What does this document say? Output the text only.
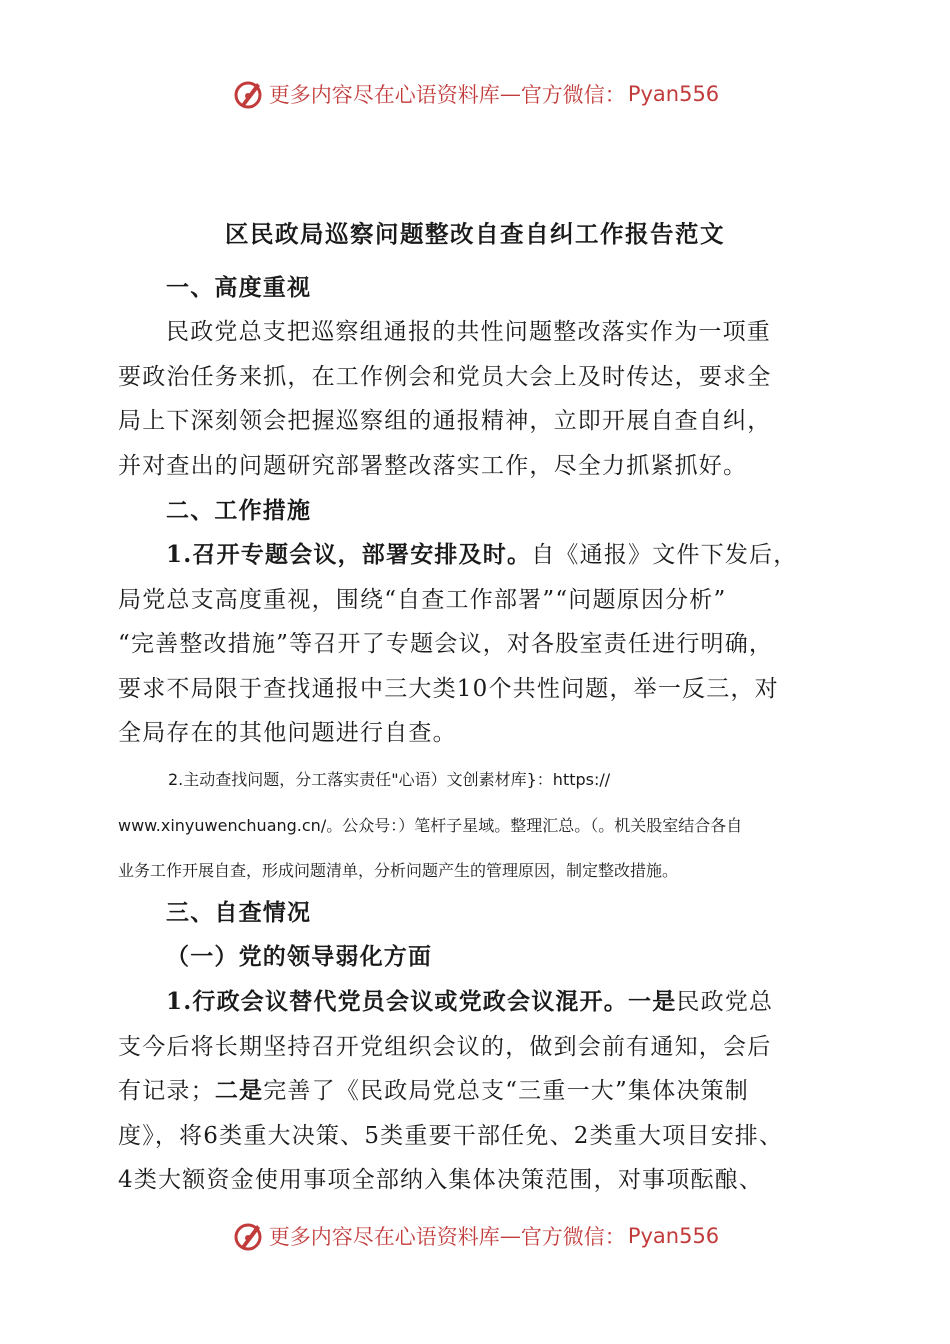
更多内容尽在心语资料库 — 官方微信： Pyan556
区民政局巡察问题整改自查自纠工作报告范文
一、高度重视
民政党总支把巡察组通报的共性问题整改落实作为一项重
要政治任务来抓，在工作例会和党员大会上及时传达，要求全
局上下深刻领会把握巡察组的通报精神，立即开展自查自纠，
并对查出的问题研究部署整改落实工作，尽全力抓紧抓好。
二、工作措施
1.召开专题会议，部署安排及时。自《通报》文件下发后，
局党总支高度重视，围绕“自查工作部署”“问题原因分析”
“完善整改措施”等召开了专题会议，对各股室责任进行明确，
要求不局限于查找通报中三大类10个共性问题，举一反三，对
全局存在的其他问题进行自查。
2.主动查找问题，分工落实责任"心语）文创素材库}：https://
www.xinyuwenchuang.cn/。公众号：）笔杆子星域。整理汇总。（。机关股室结合各自
业务工作开展自查，形成问题清单，分析问题产生的管理原因，制定整改措施。
三、自查情况
（一）党的领导弱化方面
1.行政会议替代党员会议或党政会议混开。一是民政党总
支今后将长期坚持召开党组织会议的，做到会前有通知，会后
有记录；二是完善了《民政局党总支“三重一大”集体决策制
度》，将6类重大决策、5类重要干部任免、2类重大项目安排、
4类大额资金使用事项全部纳入集体决策范围，对事项酝酿、
更多内容尽在心语资料库 — 官方微信： Pyan556
